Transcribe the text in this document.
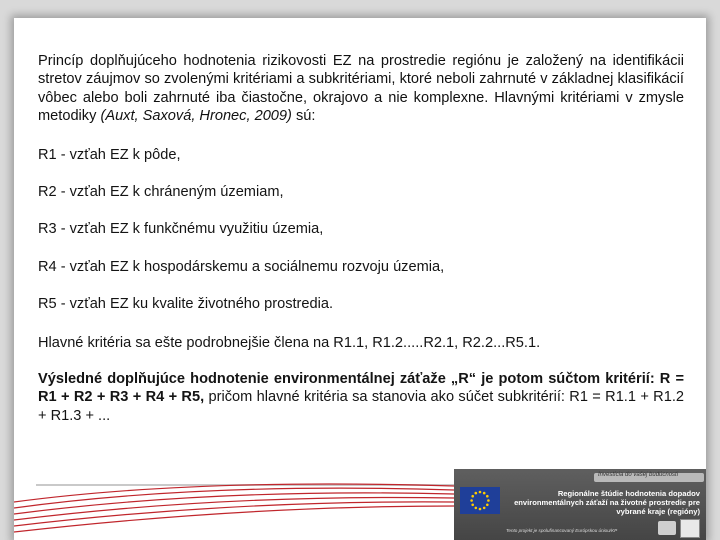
Princíp doplňujúceho hodnotenia rizikovosti EZ na prostredie regiónu je založený na identifikácii stretov záujmov so zvolenými kritériami a subkritériami, ktoré neboli zahrnuté v základnej klasifikácií vôbec alebo boli zahrnuté iba čiastočne, okrajovo a nie komplexne. Hlavnými kritériami v zmysle metodiky (Auxt, Saxová, Hronec, 2009) sú:

R1 - vzťah EZ k pôde,

R2 - vzťah EZ k chráneným územiam,

R3 - vzťah EZ k funkčnému využitiu územia,

R4 - vzťah EZ k hospodárskemu a sociálnemu rozvoju územia,

R5 - vzťah EZ ku kvalite životného prostredia.

Hlavné kritéria sa ešte podrobnejšie člena na R1.1, R1.2.....R2.1, R2.2...R5.1.

Výsledné doplňujúce hodnotenie environmentálnej záťaže „R“ je potom súčtom kritérií: R = R1 + R2 + R3 + R4 + R5, pričom hlavné kritéria sa stanovia ako súčet subkritérií: R1 = R1.1 + R1.2 + R1.3 + ...

Investícia do vašej budúcnosti
Regionálne štúdie hodnotenia dopadov environmentálnych záťaží na životné prostredie pre vybrané kraje (regióny)
Tento projekt je spolufinancovaný Európskou úniou/KP
